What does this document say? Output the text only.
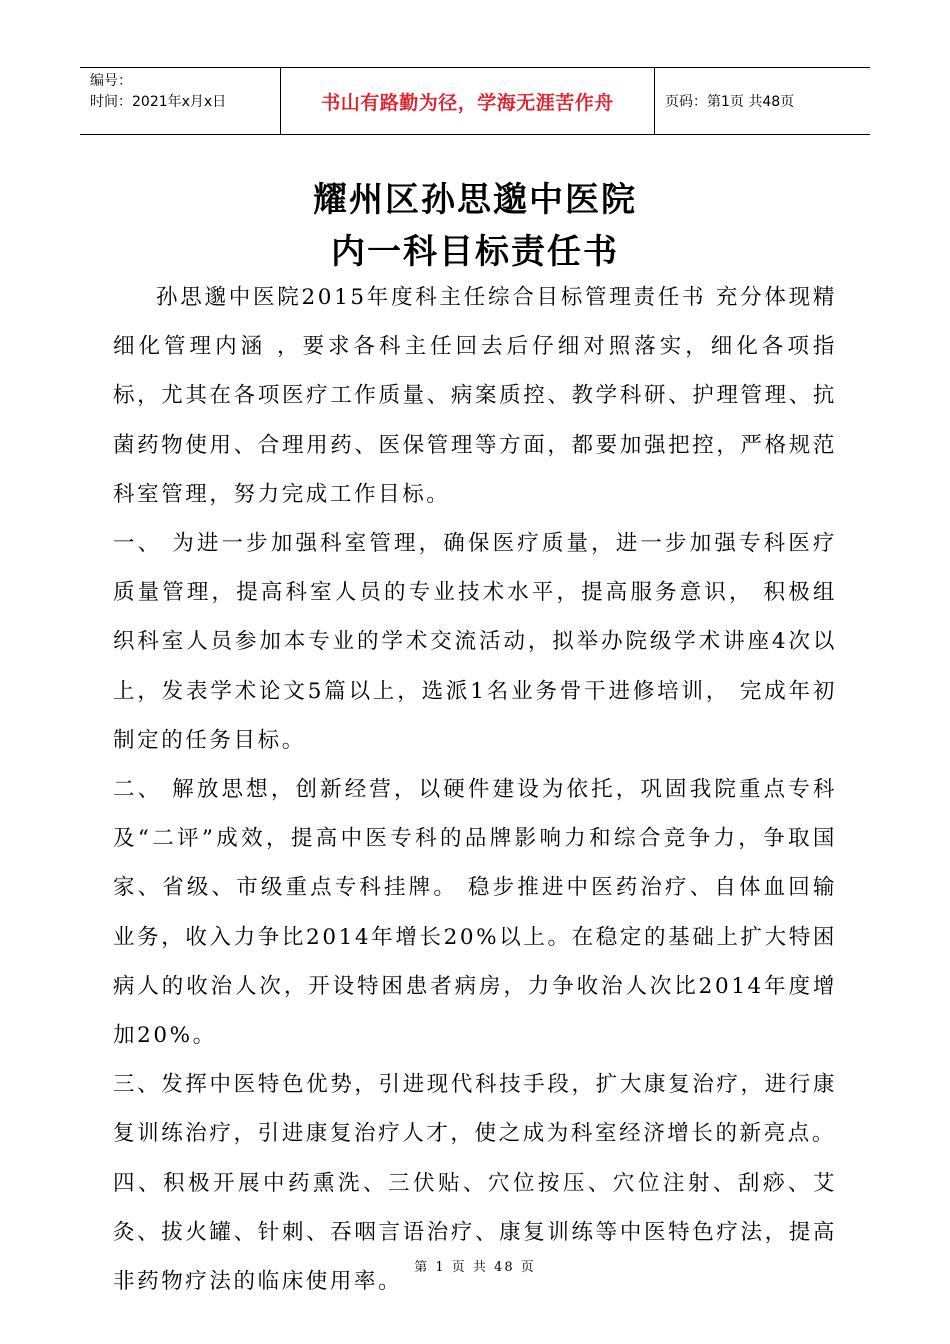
编号：
时间：2021年x月x日	书山有路勤为径，学海无涯苦作舟	页码：第1页 共48页
耀州区孙思邈中医院
内一科目标责任书

孙思邈中医院2015年度科主任综合目标管理责任书 充分体现精细化管理内涵 ，要求各科主任回去后仔细对照落实，细化各项指标，尤其在各项医疗工作质量、病案质控、教学科研、护理管理、抗菌药物使用、合理用药、医保管理等方面，都要加强把控，严格规范科室管理，努力完成工作目标。

一、 为进一步加强科室管理，确保医疗质量，进一步加强专科医疗质量管理，提高科室人员的专业技术水平，提高服务意识， 积极组织科室人员参加本专业的学术交流活动，拟举办院级学术讲座4次以上，发表学术论文5篇以上，选派1名业务骨干进修培训， 完成年初制定的任务目标。

二、 解放思想，创新经营，以硬件建设为依托，巩固我院重点专科及“二评”成效，提高中医专科的品牌影响力和综合竞争力，争取国家、省级、市级重点专科挂牌。 稳步推进中医药治疗、自体血回输业务，收入力争比2014年增长20%以上。在稳定的基础上扩大特困病人的收治人次，开设特困患者病房，力争收治人次比2014年度增加20%。

三、发挥中医特色优势，引进现代科技手段，扩大康复治疗，进行康复训练治疗，引进康复治疗人才，使之成为科室经济增长的新亮点。

四、积极开展中药熏洗、三伏贴、穴位按压、穴位注射、刮痧、艾灸、拔火罐、针刺、吞咽言语治疗、康复训练等中医特色疗法，提高非药物疗法的临床使用率。

第 1 页 共 48 页
